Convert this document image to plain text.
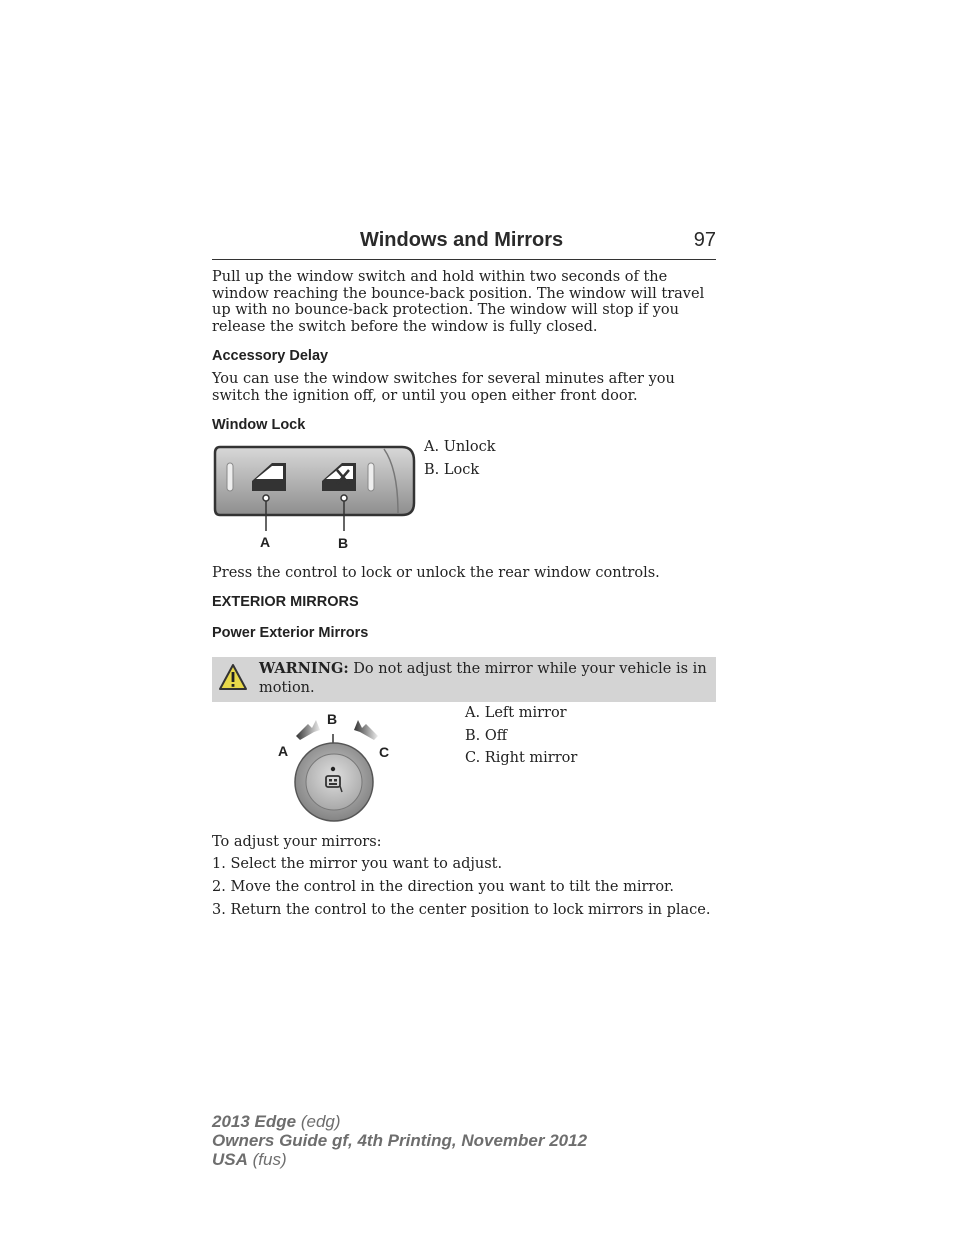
Windows and Mirrors	97

Pull up the window switch and hold within two seconds of the window reaching the bounce-back position. The window will travel up with no bounce-back protection. The window will stop if you release the switch before the window is fully closed.

Accessory Delay

You can use the window switches for several minutes after you switch the ignition off, or until you open either front door.

Window Lock
A	B
A. Unlock
B. Lock

Press the control to lock or unlock the rear window controls.

EXTERIOR MIRRORS
Power Exterior Mirrors
WARNING: Do not adjust the mirror while your vehicle is in motion.
B
A	C
A. Left mirror
B. Off
C. Right mirror
To adjust your mirrors:
1. Select the mirror you want to adjust.
2. Move the control in the direction you want to tilt the mirror.
3. Return the control to the center position to lock mirrors in place.
2013 Edge (edg)
Owners Guide gf, 4th Printing, November 2012
USA (fus)
